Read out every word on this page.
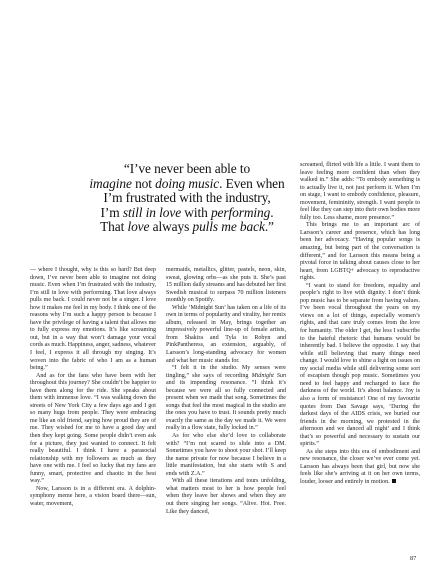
“I’ve never been able to
imagine not doing music. Even when
I’m frustrated with the industry,
I’m still in love with performing.
That love always pulls me back.”

— where I thought, why is this so hard? But deep down, I’ve never been able to imagine not doing music. Even when I’m frustrated with the industry, I’m still in love with performing. That love always pulls me back. I could never not be a singer. I love how it makes me feel in my body. I think one of the reasons why I’m such a happy person is because I have the privilege of having a talent that allows me to fully express my emotions. It’s like screaming out, but in a way that won’t damage your vocal cords as much. Happiness, anger, sadness, whatever I feel, I express it all through my singing. It’s woven into the fabric of who I am as a human being.”

And as for the fans who have been with her throughout this journey? She couldn’t be happier to have them along for the ride. She speaks about them with immense love. “I was walking down the streets of New York City a few days ago and I got so many hugs from people. They were embracing me like an old friend, saying how proud they are of me. They wished for me to have a good day and then they kept going. Some people didn’t even ask for a picture, they just wanted to connect. It felt really beautiful. I think I have a parasocial relationship with my followers as much as they have one with me. I feel so lucky that my fans are funny, smart, protective and chaotic in the best way.”

Now, Larsson is in a different era. A dolphin-symphony meme here, a vision board there—sun, water, movement,

mermaids, metallics, glitter, pastels, neon, skin, sweat, glowing orbs—as she puts it. She’s past 15 million daily streams and has debuted her first Swedish musical to surpass 70 million listeners monthly on Spotify.

While ‘Midnight Sun’ has taken on a life of its own in terms of popularity and virality, her remix album, released in May, brings together an impressively powerful line-up of female artists, from Shakira and Tyla to Robyn and PinkPantheress, an extension, arguably, of Larsson’s long-standing advocacy for women and what her music stands for.

“I felt it in the studio. My senses were tingling,” she says of recording Midnight Sun and its impending resonance. “I think it’s because we were all so fully connected and present when we made that song. Sometimes the songs that feel the most magical in the studio are the ones you have to trust. It sounds pretty much exactly the same as the day we made it. We were really in a flow state, fully locked in.”

As for who else she’d love to collaborate with? “I’m not scared to slide into a DM. Sometimes you have to shoot your shot. I’ll keep the name private for now because I believe in a little manifestation, but she starts with S and ends with Z.A.”

With all these iterations and tours unfolding, what matters most to her is how people feel when they leave her shows and when they are out there singing her songs. “Alive. Hot. Free. Like they danced,

screamed, flirted with life a little. I want them to leave feeling more confident than when they walked in.” She adds: “To embody something is to actually live it, not just perform it. When I’m on stage, I want to embody confidence, pleasure, movement, femininity, strength. I want people to feel like they can step into their own bodies more fully too. Less shame, more presence.”

This brings me to an important arc of Larsson’s career and presence, which has long been her advocacy. “Having popular songs is amazing, but being part of the conversation is different,” and for Larsson this means being a pivotal force in talking about causes close to her heart, from LGBTQ+ advocacy to reproductive rights.

“I want to stand for freedom, equality and people’s right to live with dignity. I don’t think pop music has to be separate from having values. I’ve been vocal throughout the years on my views on a lot of things, especially women’s rights, and that care truly comes from the love for humanity. The older I get, the less I subscribe to the hateful rhetoric that humans would be inherently bad. I believe the opposite. I say that while still believing that many things need change. I would love to shine a light on issues on my social media while still delivering some sort of escapism though pop music. Sometimes you need to feel happy and recharged to face the darkness of the world. It’s about balance. Joy is also a form of resistance! One of my favourite quotes from Dan Savage says, ‘During the darkest days of the AIDS crisis, we buried our friends in the morning, we protested in the afternoon and we danced all night’ and I think that’s so powerful and necessary to sustain our spirits.”

As she steps into this era of embodiment and new resonance, the closer we’ve ever come yet. Larsson has always been that girl, but now she feels like she’s arriving at it on her own terms, louder, looser and entirely in motion.

87
